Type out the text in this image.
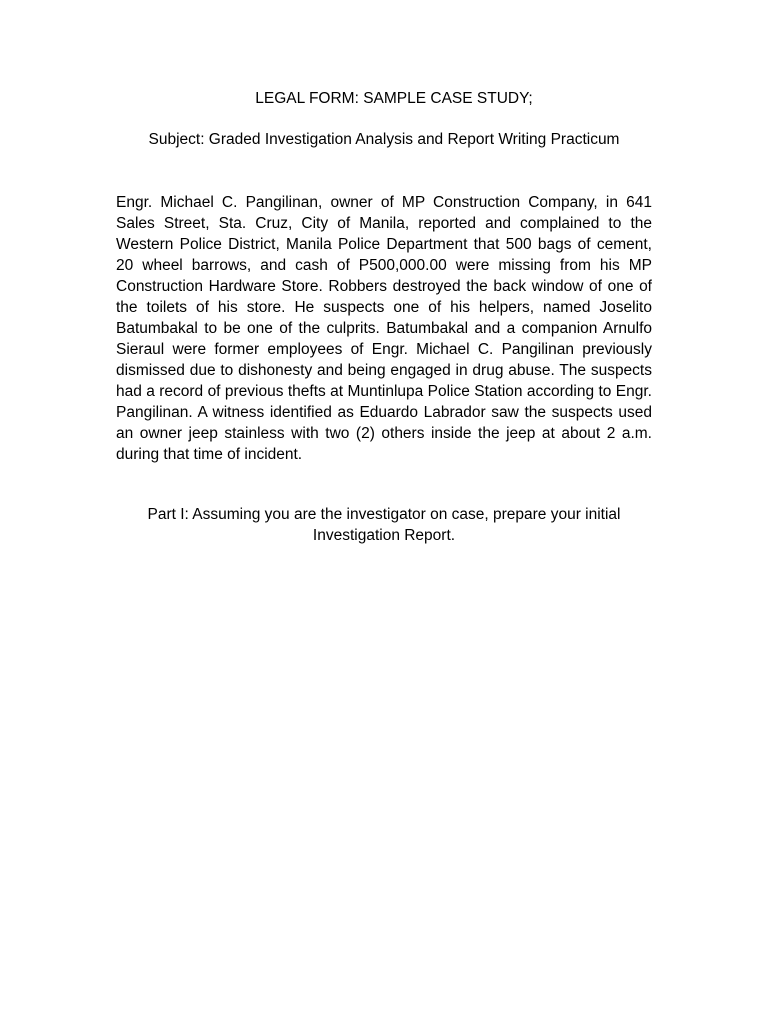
LEGAL FORM: SAMPLE CASE STUDY;

Subject: Graded Investigation Analysis and Report Writing Practicum

Engr. Michael C. Pangilinan, owner of MP Construction Company, in 641 Sales Street, Sta. Cruz, City of Manila, reported and complained to the Western Police District, Manila Police Department that 500 bags of cement, 20 wheel barrows, and cash of P500,000.00 were missing from his MP Construction Hardware Store. Robbers destroyed the back window of one of the toilets of his store. He suspects one of his helpers, named Joselito Batumbakal to be one of the culprits. Batumbakal and a companion Arnulfo Sieraul were former employees of Engr. Michael C. Pangilinan previously dismissed due to dishonesty and being engaged in drug abuse. The suspects had a record of previous thefts at Muntinlupa Police Station according to Engr. Pangilinan. A witness identified as Eduardo Labrador saw the suspects used an owner jeep stainless with two (2) others inside the jeep at about 2 a.m. during that time of incident.

Part I: Assuming you are the investigator on case, prepare your initial Investigation Report.
